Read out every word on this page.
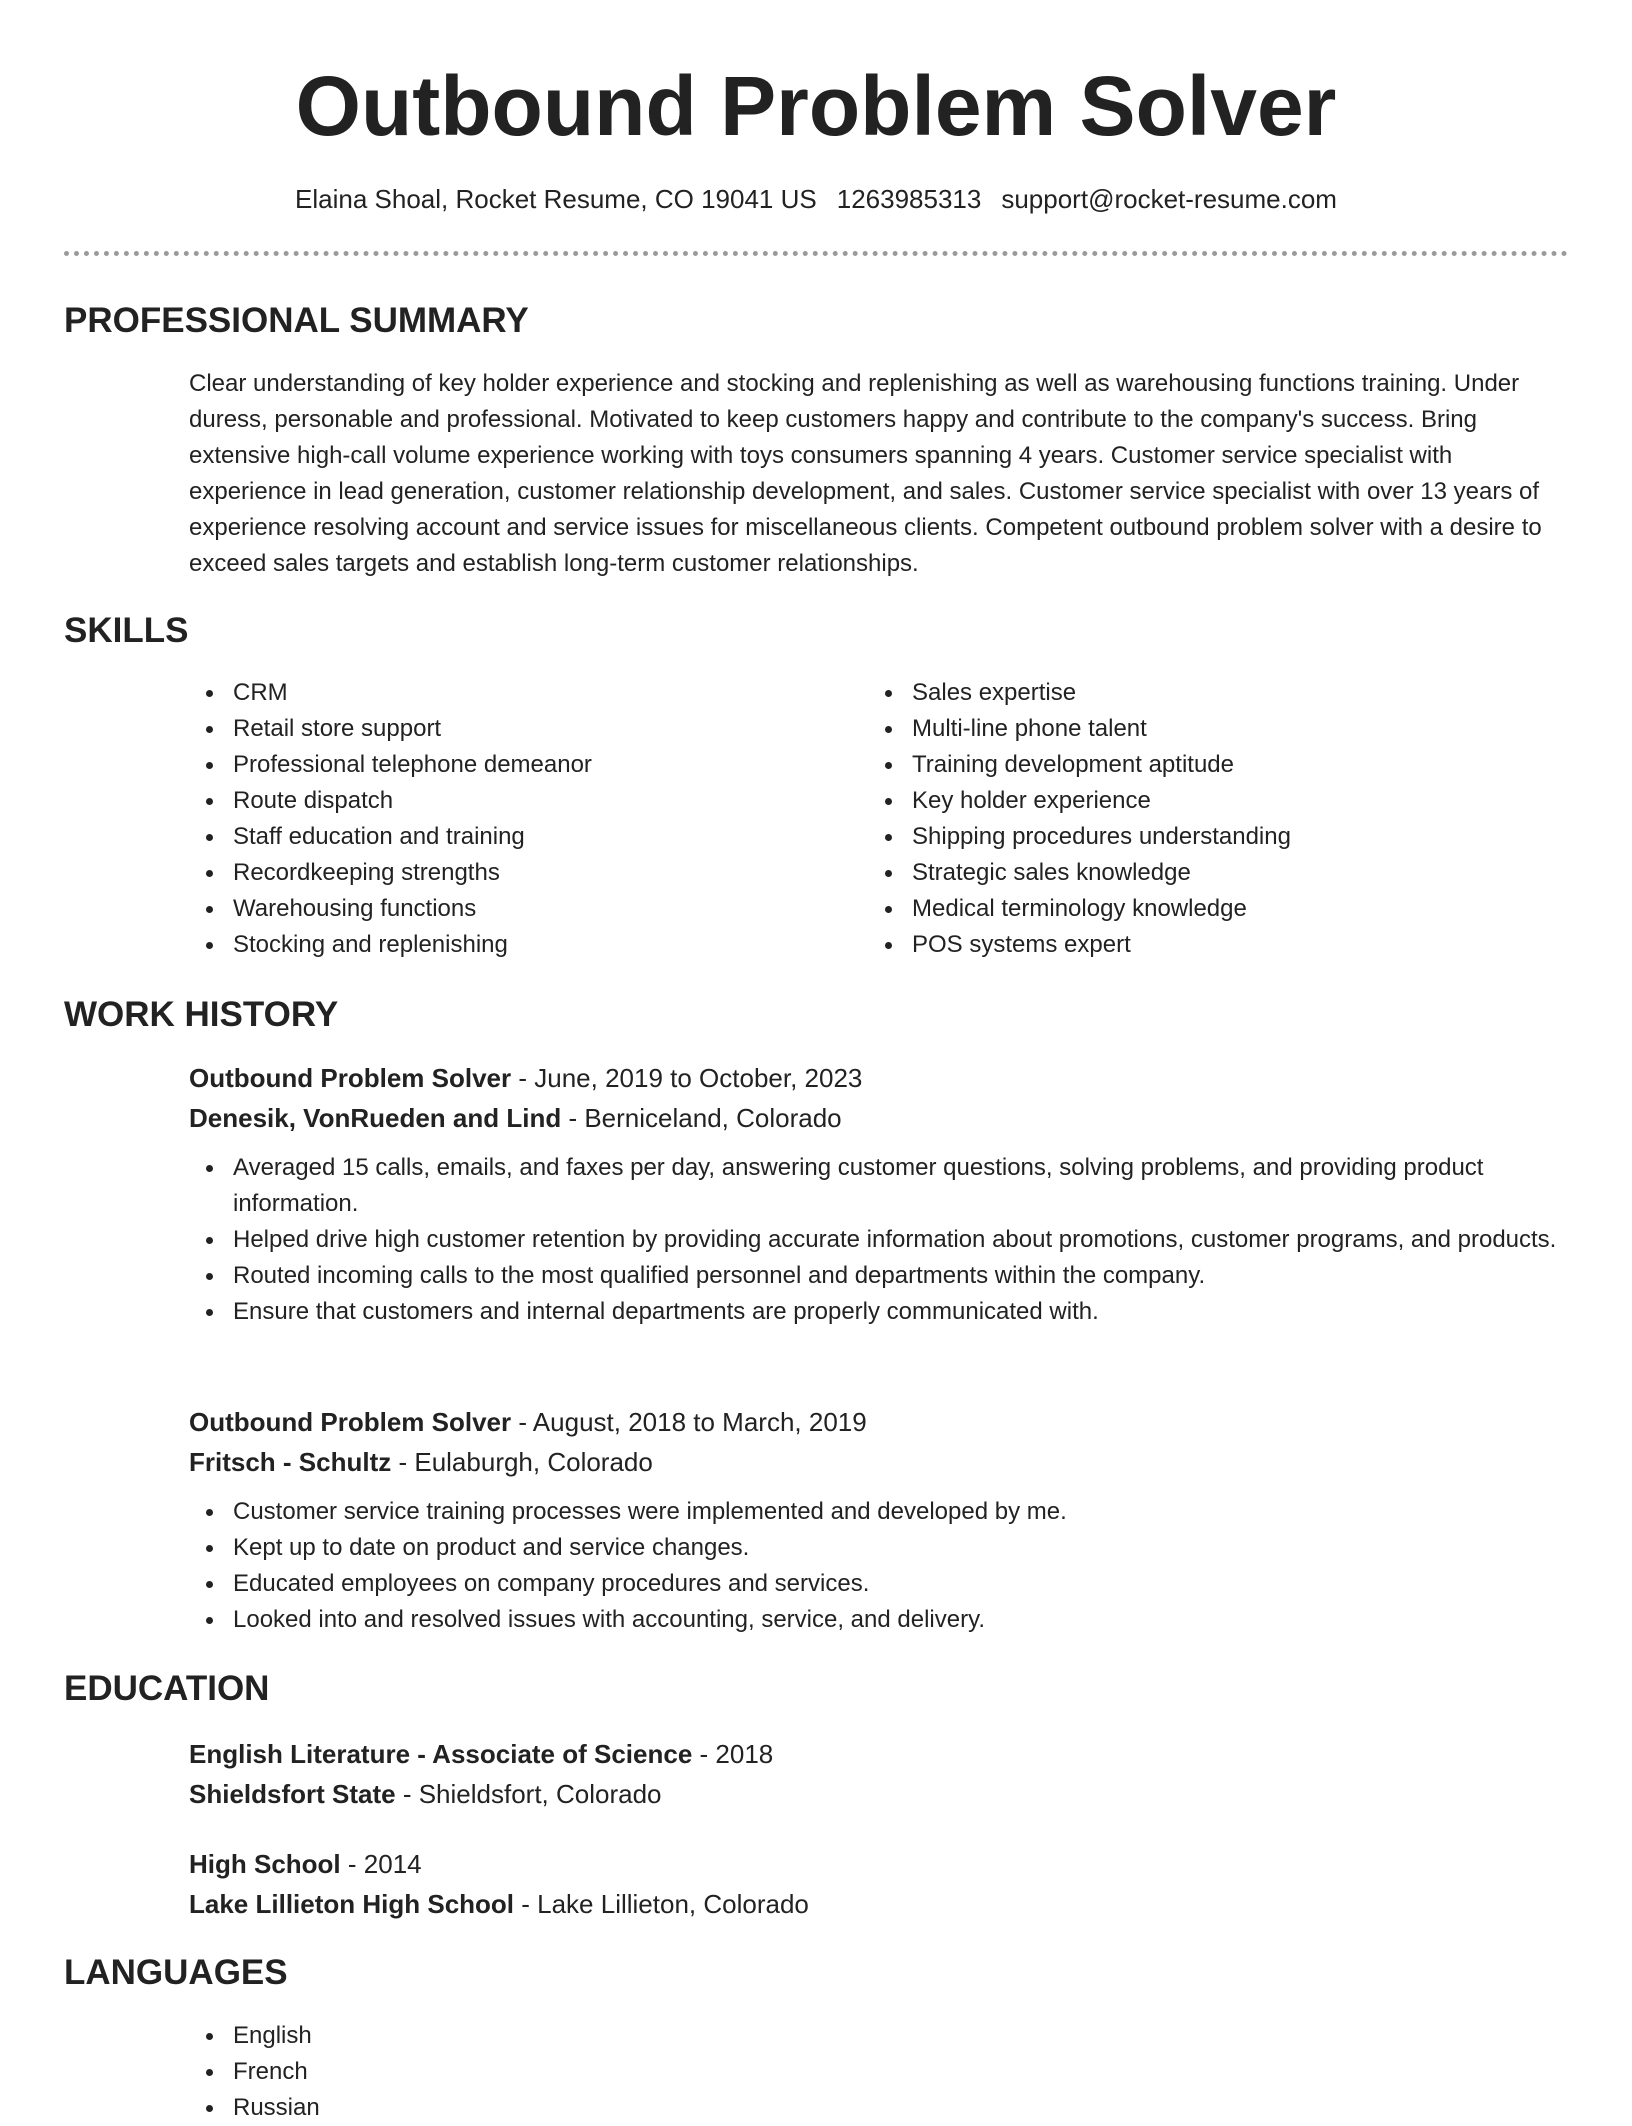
Outbound Problem Solver
Elaina Shoal, Rocket Resume, CO 19041 US 1263985313 support@rocket-resume.com
PROFESSIONAL SUMMARY

Clear understanding of key holder experience and stocking and replenishing as well as warehousing functions training. Under duress, personable and professional. Motivated to keep customers happy and contribute to the company's success. Bring extensive high-call volume experience working with toys consumers spanning 4 years. Customer service specialist with experience in lead generation, customer relationship development, and sales. Customer service specialist with over 13 years of experience resolving account and service issues for miscellaneous clients. Competent outbound problem solver with a desire to exceed sales targets and establish long-term customer relationships.

SKILLS
CRM
Retail store support
Professional telephone demeanor
Route dispatch
Staff education and training
Recordkeeping strengths
Warehousing functions
Stocking and replenishing
Sales expertise
Multi-line phone talent
Training development aptitude
Key holder experience
Shipping procedures understanding
Strategic sales knowledge
Medical terminology knowledge
POS systems expert
WORK HISTORY
Outbound Problem Solver - June, 2019 to October, 2023
Denesik, VonRueden and Lind - Berniceland, Colorado
Averaged 15 calls, emails, and faxes per day, answering customer questions, solving problems, and providing product information.
Helped drive high customer retention by providing accurate information about promotions, customer programs, and products.
Routed incoming calls to the most qualified personnel and departments within the company.
Ensure that customers and internal departments are properly communicated with.
Outbound Problem Solver - August, 2018 to March, 2019
Fritsch - Schultz - Eulaburgh, Colorado
Customer service training processes were implemented and developed by me.
Kept up to date on product and service changes.
Educated employees on company procedures and services.
Looked into and resolved issues with accounting, service, and delivery.
EDUCATION
English Literature - Associate of Science - 2018
Shieldsfort State - Shieldsfort, Colorado
High School - 2014
Lake Lillieton High School - Lake Lillieton, Colorado
LANGUAGES
English
French
Russian
